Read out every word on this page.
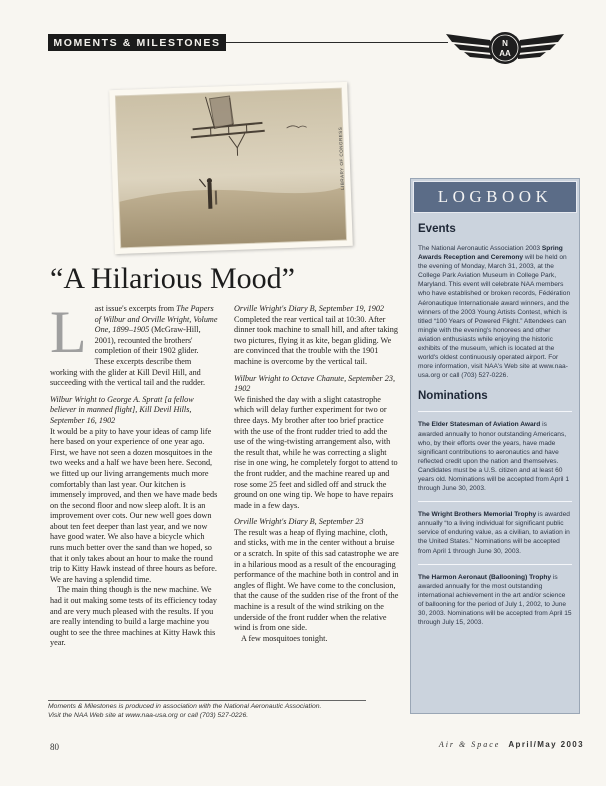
MOMENTS & MILESTONES	N
AA
LIBRARY OF CONGRESS
“A Hilarious Mood”
L ast issue's excerpts from The Papers of Wilbur and Orville Wright, Volume One, 1899–1905 (McGraw-Hill, 2001), recounted the brothers' completion of their 1902 glider. These excerpts describe them working with the glider at Kill Devil Hill, and succeeding with the vertical tail and the rudder.

Wilbur Wright to George A. Spratt [a fellow believer in manned flight], Kill Devil Hills, September 16, 1902

It would be a pity to have your ideas of camp life here based on your experience of one year ago. First, we have not seen a dozen mosquitoes in the two weeks and a half we have been here. Second, we fitted up our living arrangements much more comfortably than last year. Our kitchen is immensely improved, and then we have made beds on the second floor and now sleep aloft. It is an improvement over cots. Our new well goes down about ten feet deeper than last year, and we now have good water. We also have a bicycle which runs much better over the sand than we hoped, so that it only takes about an hour to make the round trip to Kitty Hawk instead of three hours as before. We are having a splendid time.

The main thing though is the new machine. We had it out making some tests of its efficiency today and are very much pleased with the results. If you are really intending to build a large machine you ought to see the three machines at Kitty Hawk this year.

Orville Wright's Diary B, September 19, 1902

Completed the rear vertical tail at 10:30. After dinner took machine to small hill, and after taking two pictures, flying it as kite, began gliding. We are convinced that the trouble with the 1901 machine is overcome by the vertical tail.

Wilbur Wright to Octave Chanute, September 23, 1902

We finished the day with a slight catastrophe which will delay further experiment for two or three days. My brother after too brief practice with the use of the front rudder tried to add the use of the wing-twisting arrangement also, with the result that, while he was correcting a slight rise in one wing, he completely forgot to attend to the front rudder, and the machine reared up and rose some 25 feet and sidled off and struck the ground on one wing tip. We hope to have repairs made in a few days.

Orville Wright's Diary B, September 23

The result was a heap of flying machine, cloth, and sticks, with me in the center without a bruise or a scratch. In spite of this sad catastrophe we are in a hilarious mood as a result of the encouraging performance of the machine both in control and in angles of flight. We have come to the conclusion, that the cause of the sudden rise of the front of the machine is a result of the wind striking on the underside of the front rudder when the relative wind is from one side.

A few mosquitoes tonight.

Moments & Milestones is produced in association with the National Aeronautic Association.
Visit the NAA Web site at www.naa-usa.org or call (703) 527-0226.
80	Air & Space April/May 2003
LOGBOOK
Events

The National Aeronautic Association 2003 Spring Awards Reception and Ceremony will be held on the evening of Monday, March 31, 2003, at the College Park Aviation Museum in College Park, Maryland. This event will celebrate NAA members who have established or broken records, Fédération Aéronautique Internationale award winners, and the winners of the 2003 Young Artists Contest, which is titled “100 Years of Powered Flight.” Attendees can mingle with the evening's honorees and other aviation enthusiasts while enjoying the historic exhibits of the museum, which is located at the world's oldest continuously operated airport. For more information, visit NAA's Web site at www.naa-usa.org or call (703) 527-0226.

Nominations

The Elder Statesman of Aviation Award is awarded annually to honor outstanding Americans, who, by their efforts over the years, have made significant contributions to aeronautics and have reflected credit upon the nation and themselves. Candidates must be a U.S. citizen and at least 60 years old. Nominations will be accepted from April 1 through June 30, 2003.

The Wright Brothers Memorial Trophy is awarded annually “to a living individual for significant public service of enduring value, as a civilian, to aviation in the United States.” Nominations will be accepted from April 1 through June 30, 2003.

The Harmon Aeronaut (Ballooning) Trophy is awarded annually for the most outstanding international achievement in the art and/or science of ballooning for the period of July 1, 2002, to June 30, 2003. Nominations will be accepted from April 15 through July 15, 2003.
